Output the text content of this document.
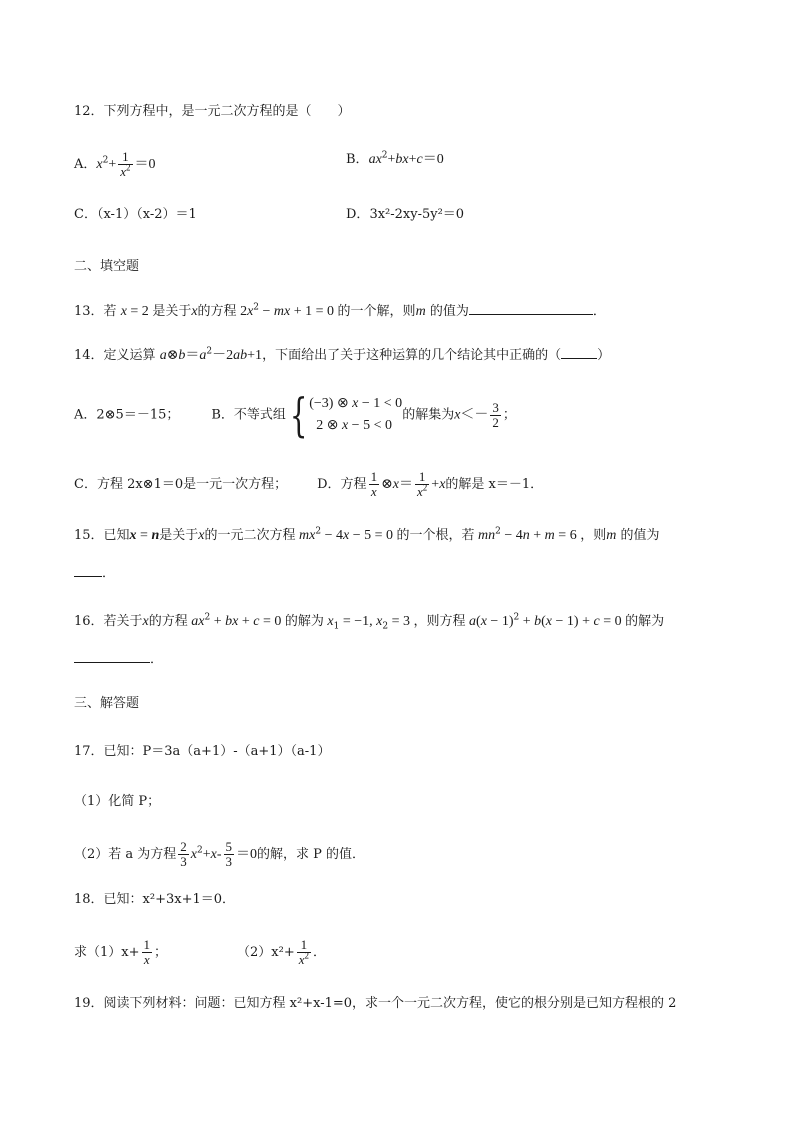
12．下列方程中，是一元二次方程的是（　　）
A．$x^2+ \frac{1}{x^2} =0$	B．$ax^2+bx+c=0$
C．（x-1）（x-2）＝1	D．3x²-2xy-5y²＝0
二、填空题
13．若 x = 2 是关于x的方程 $2x^2$ − mx + 1 = 0 的一个解，则m 的值为	．
14．定义运算 $a\otimes b=a^2-2ab+1$，下面给出了关于这种运算的几个结论其中正确的（	）
A．2⊗5＝－15； B．不等式组{ (−3) ⊗ x − 1 < 0
 2 ⊗ x − 5 < 0
的解集为$x<- \frac{3}{2}$ ；
C．方程 2x⊗1＝0是一元一次方程； D．方程 $\frac{1}{x}$ ⊗x＝ $\frac{1}{x^2} +x$的解是 x＝－1．
15．已知x = n是关于x的一元二次方程 $mx^2 - 4x - 5 = 0$ 的一个根，若 $mn^2 - 4n + m = 6$ ，则m 的值为
．
16．若关于x的方程 $ax^2$ + bx + c = 0 的解为 $x_1 = -1$, $x_2 = 3$ ，则方程 $a(x - 1)^2 + b(x - 1) + c = 0$ 的解为
．
三、解答题
17．已知：P＝3a（a+1）-（a+1）（a-1）
（1）化简 P；
（2）若 a 为方程 $\frac{2}{3} x^2+x- \frac{5}{3} =0$的解，求 P 的值．
18．已知：x²+3x+1＝0．
求$(1)x+ \frac{1}{x}$ ；	$(2)x^2+ \frac{1}{x^2}$ ．
19．阅读下列材料：问题：已知方程 x²+x-1=0，求一个一元二次方程，使它的根分别是已知方程根的 2
